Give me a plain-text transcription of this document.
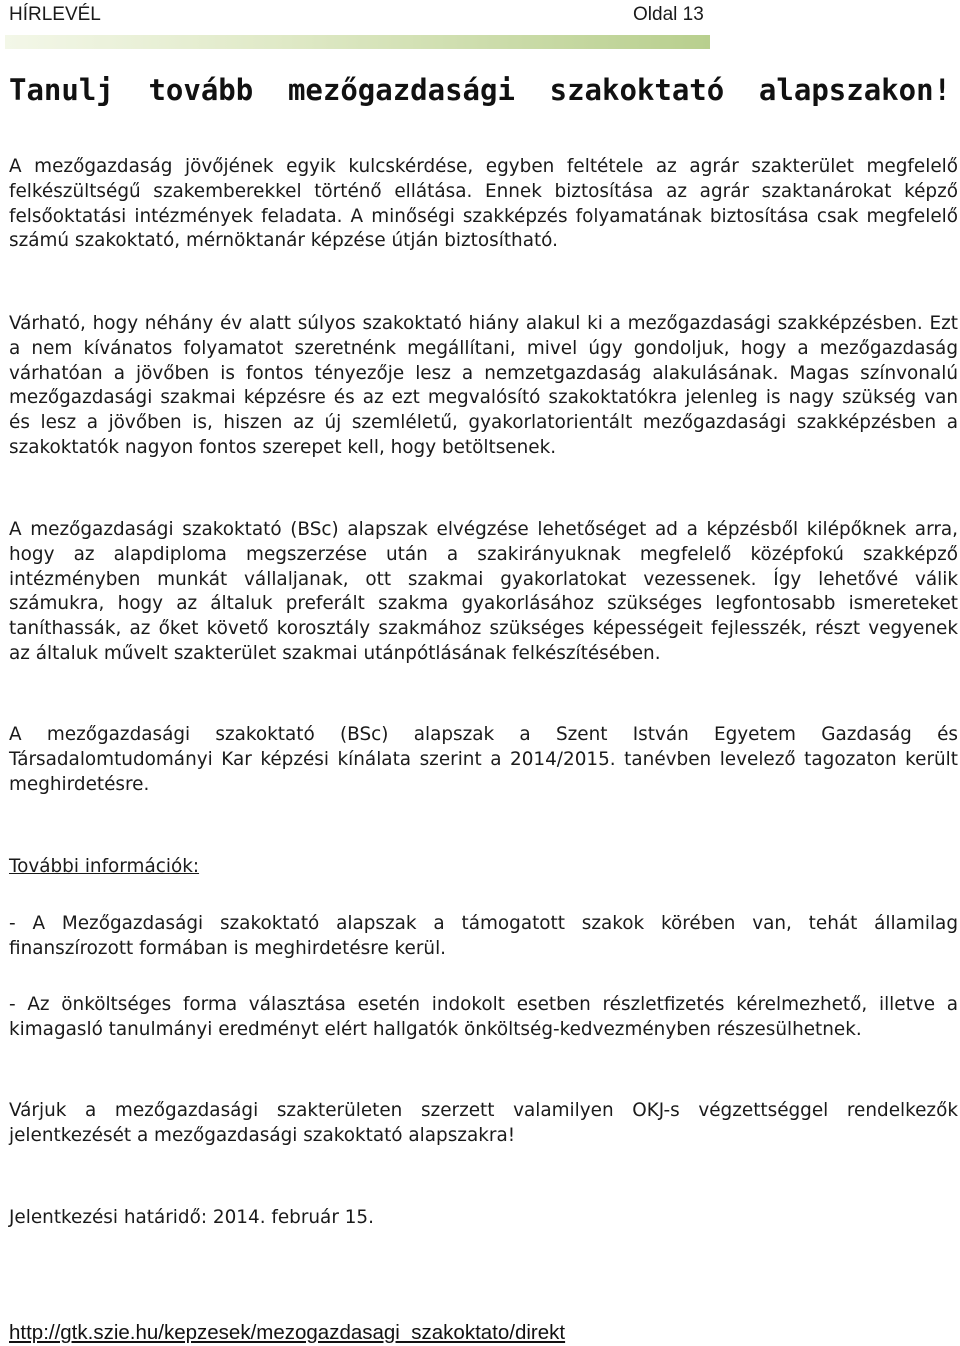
HÍRLEVÉL	Oldal 13
Tanulj tovább mezőgazdasági szakoktató alapszakon!

A mezőgazdaság jövőjének egyik kulcskérdése, egyben feltétele az agrár szakterület megfelelő felkészültségű szakemberekkel történő ellátása. Ennek biztosítása az agrár szaktanárokat képző felsőoktatási intézmények feladata. A minőségi szakképzés folyamatának biztosítása csak megfelelő számú szakoktató, mérnöktanár képzése útján biztosítható.

Várható, hogy néhány év alatt súlyos szakoktató hiány alakul ki a mezőgazdasági szakképzésben. Ezt a nem kívánatos folyamatot szeretnénk megállítani, mivel úgy gondoljuk, hogy a mezőgazdaság várhatóan a jövőben is fontos tényezője lesz a nemzetgazdaság alakulásának. Magas színvonalú mezőgazdasági szakmai képzésre és az ezt megvalósító szakoktatókra jelenleg is nagy szükség van és lesz a jövőben is, hiszen az új szemléletű, gyakorlatorientált mezőgazdasági szakképzésben a szakoktatók nagyon fontos szerepet kell, hogy betöltsenek.

A mezőgazdasági szakoktató (BSc) alapszak elvégzése lehetőséget ad a képzésből kilépőknek arra, hogy az alapdiploma megszerzése után a szakirányuknak megfelelő középfokú szakképző intézményben munkát vállaljanak, ott szakmai gyakorlatokat vezessenek. Így lehetővé válik számukra, hogy az általuk preferált szakma gyakorlásához szükséges legfontosabb ismereteket taníthassák, az őket követő korosztály szakmához szükséges képességeit fejlesszék, részt vegyenek az általuk művelt szakterület szakmai utánpótlásának felkészítésében.

A mezőgazdasági szakoktató (BSc) alapszak a Szent István Egyetem Gazdaság és Társadalomtudományi Kar képzési kínálata szerint a 2014/2015. tanévben levelező tagozaton került meghirdetésre.

További információk:

- A Mezőgazdasági szakoktató alapszak a támogatott szakok körében van, tehát államilag finanszírozott formában is meghirdetésre kerül.

- Az önköltséges forma választása esetén indokolt esetben részletfizetés kérelmezhető, illetve a kimagasló tanulmányi eredményt elért hallgatók önköltség-kedvezményben részesülhetnek.

Várjuk a mezőgazdasági szakterületen szerzett valamilyen OKJ-s végzettséggel rendelkezők jelentkezését a mezőgazdasági szakoktató alapszakra!

Jelentkezési határidő: 2014. február 15.

http://gtk.szie.hu/kepzesek/mezogazdasagi_szakoktato/direkt
